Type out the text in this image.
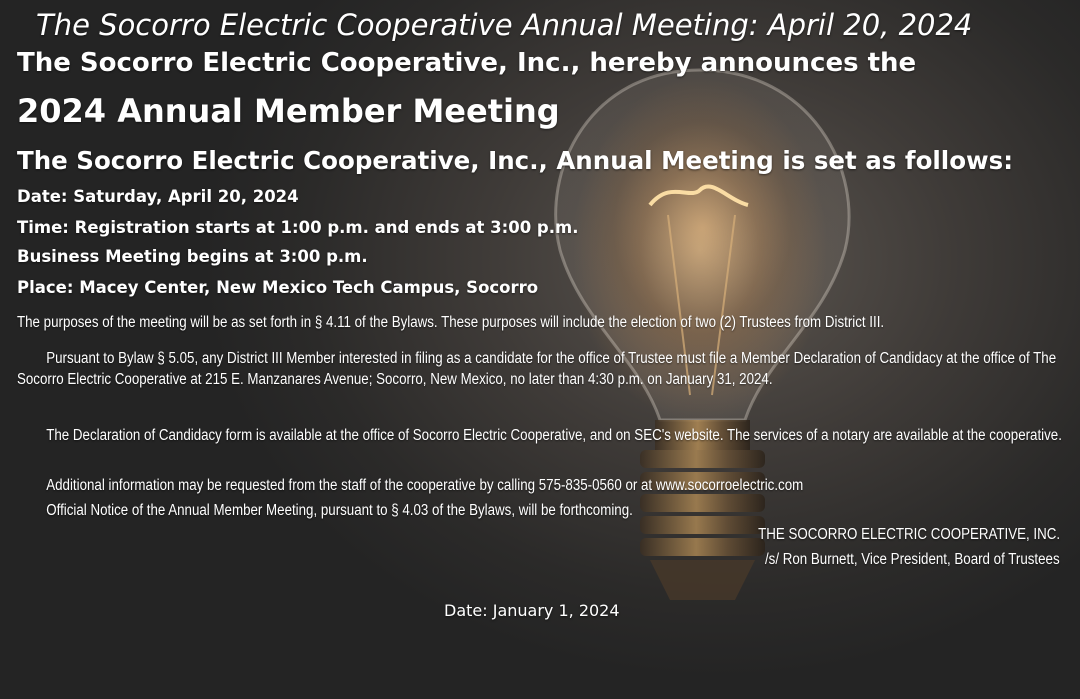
The Socorro Electric Cooperative Annual Meeting: April 20, 2024
The Socorro Electric Cooperative, Inc., hereby announces the
2024 Annual Member Meeting
The Socorro Electric Cooperative, Inc., Annual Meeting is set as follows:
Date: Saturday, April 20, 2024
Time: Registration starts at 1:00 p.m. and ends at 3:00 p.m.
Business Meeting begins at 3:00 p.m.
Place: Macey Center, New Mexico Tech Campus, Socorro
The purposes of the meeting will be as set forth in § 4.11 of the Bylaws. These purposes will include the election of two (2) Trustees from District III.
Pursuant to Bylaw § 5.05, any District III Member interested in filing as a candidate for the office of Trustee must file a Member Declaration of Candidacy at the office of The Socorro Electric Cooperative at 215 E. Manzanares Avenue; Socorro, New Mexico, no later than 4:30 p.m. on January 31, 2024.
The Declaration of Candidacy form is available at the office of Socorro Electric Cooperative, and on SEC's website. The services of a notary are available at the cooperative.
Additional information may be requested from the staff of the cooperative by calling 575-835-0560 or at www.socorroelectric.com
Official Notice of the Annual Member Meeting, pursuant to § 4.03 of the Bylaws, will be forthcoming.
THE SOCORRO ELECTRIC COOPERATIVE, INC.
/s/ Ron Burnett, Vice President, Board of Trustees
Date: January 1, 2024
